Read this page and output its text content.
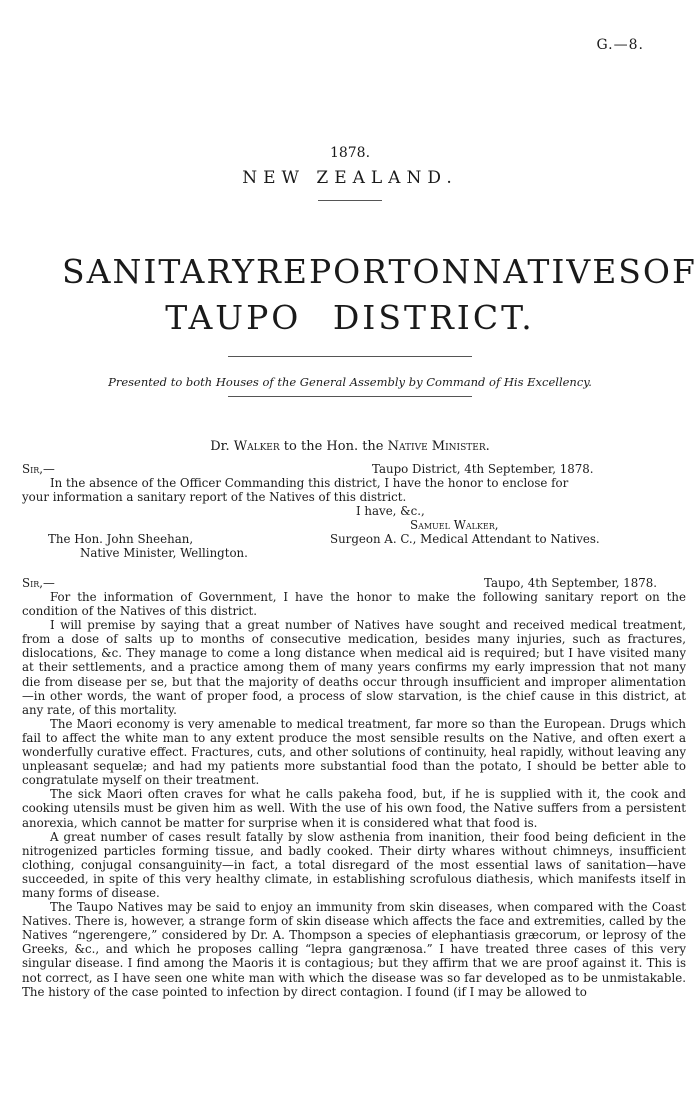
G.—8.
1878.
NEW ZEALAND.
SANITARY REPORT ON NATIVES OF
TAUPO DISTRICT.
Presented to both Houses of the General Assembly by Command of His Excellency.
Dr. Walker to the Hon. the Native Minister.
Sir,—	Taupo District, 4th September, 1878.
In the absence of the Officer Commanding this district, I have the honor to enclose for
your information a sanitary report of the Natives of this district.
I have, &c.,
Samuel Walker,
Surgeon A. C., Medical Attendant to Natives.
The Hon. John Sheehan,
Native Minister, Wellington.
Sir,—	Taupo, 4th September, 1878.

For the information of Government, I have the honor to make the following sanitary report on the condition of the Natives of this district.

I will premise by saying that a great number of Natives have sought and received medical treatment, from a dose of salts up to months of consecutive medication, besides many injuries, such as fractures, dislocations, &c. They manage to come a long distance when medical aid is required; but I have visited many at their settlements, and a practice among them of many years confirms my early impression that not many die from disease per se, but that the majority of deaths occur through insufficient and improper alimentation—in other words, the want of proper food, a process of slow starvation, is the chief cause in this district, at any rate, of this mortality.

The Maori economy is very amenable to medical treatment, far more so than the European. Drugs which fail to affect the white man to any extent produce the most sensible results on the Native, and often exert a wonderfully curative effect. Fractures, cuts, and other solutions of continuity, heal rapidly, without leaving any unpleasant sequelæ; and had my patients more substantial food than the potato, I should be better able to congratulate myself on their treatment.

The sick Maori often craves for what he calls pakeha food, but, if he is supplied with it, the cook and cooking utensils must be given him as well. With the use of his own food, the Native suffers from a persistent anorexia, which cannot be matter for surprise when it is considered what that food is.

A great number of cases result fatally by slow asthenia from inanition, their food being deficient in the nitrogenized particles forming tissue, and badly cooked. Their dirty whares without chimneys, insufficient clothing, conjugal consanguinity—in fact, a total disregard of the most essential laws of sanitation—have succeeded, in spite of this very healthy climate, in establishing scrofulous diathesis, which manifests itself in many forms of disease.

The Taupo Natives may be said to enjoy an immunity from skin diseases, when compared with the Coast Natives. There is, however, a strange form of skin disease which affects the face and extremities, called by the Natives “ngerengere,” considered by Dr. A. Thompson a species of elephantiasis græcorum, or leprosy of the Greeks, &c., and which he proposes calling “lepra gangrænosa.” I have treated three cases of this very singular disease. I find among the Maoris it is contagious; but they affirm that we are proof against it. This is not correct, as I have seen one white man with which the disease was so far developed as to be unmistakable. The history of the case pointed to infection by direct contagion. I found (if I may be allowed to
